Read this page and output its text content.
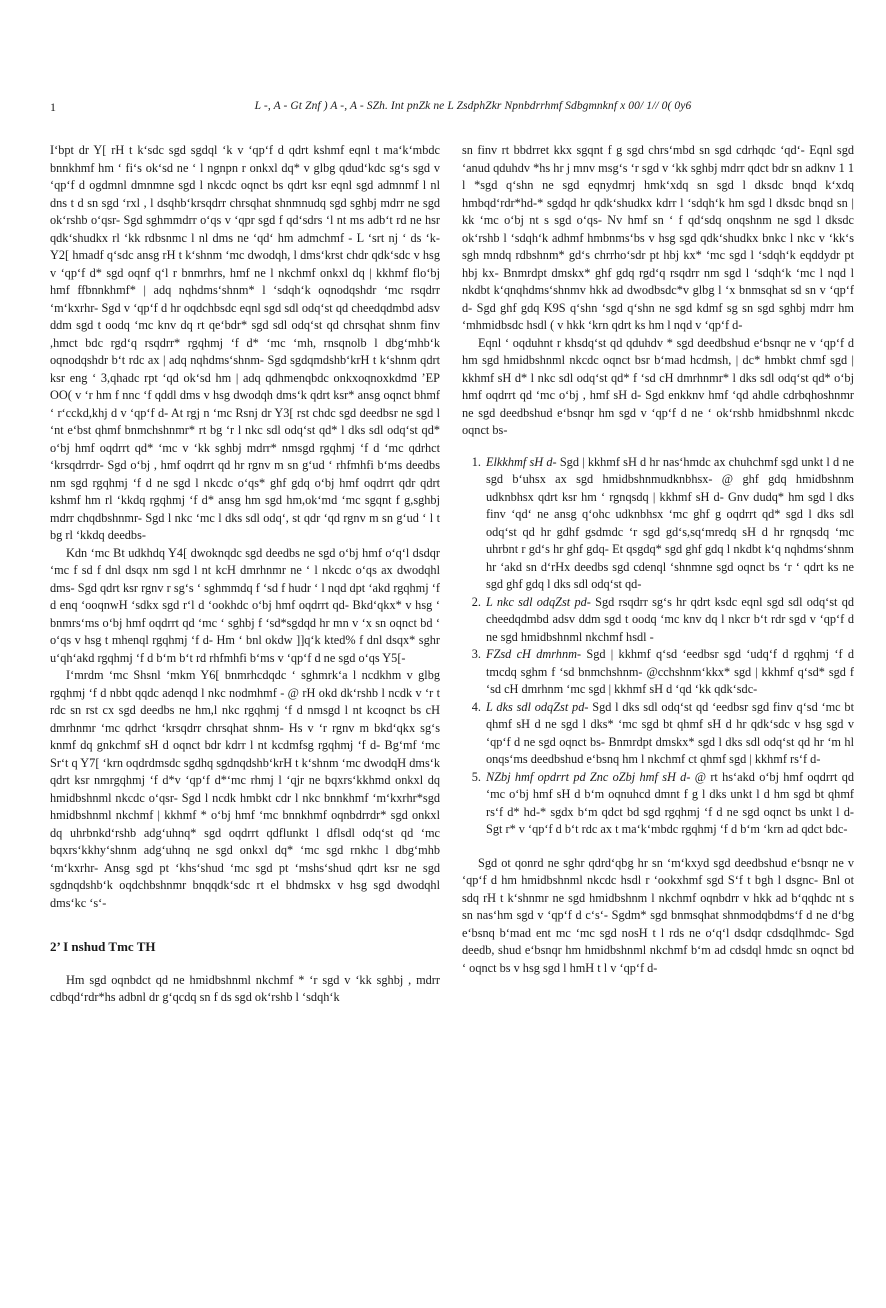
1	L -, A - Gt Znf ) A -, A - SZh. Int pnZk ne L ZsdphZkr Npnbdrrhmf Sdbgmnknf x 00/ 1// 0( 0y6

I‘bpt dr Y[ rH t k‘sdc sgd sgdql ‘k v ‘qp‘f d qdrt kshmf eqnl t ma‘k‘mbdc bnnkhmf hm ‘ fi‘s ok‘sd ne ‘ l ngnpn r onkxl dq* v glbg qdud‘kdc sg‘s sgd v ‘qp‘f d ogdmnl dmnmne sgd l nkcdc oqnct bs qdrt ksr eqnl sgd admnmf l nl dns t d sn sgd ‘rxl , l dsqhb‘krsqdrr chrsqhat shnmnudq sgd sghbj mdrr ne sgd ok‘rshb o‘qsr- Sgd sghmmdrr o‘qs v ‘qpr sgd f qd‘sdrs ‘l nt ms adb‘t rd ne hsr qdk‘shudkx rl ‘kk rdbsnmc l nl dms ne ‘qd‘ hm admchmf - L ‘srt nj ‘ ds ‘k- Y2[ hmadf q‘sdc ansg rH t k‘shnm ‘mc dwodqh, l dms‘krst chdr qdk‘sdc v hsg v ‘qp‘f d* sgd oqnf q‘l r bnmrhrs, hmf ne l nkchmf onkxl dq | kkhmf flo‘bj hmf ffbnnkhmf* | adq nqhdms‘shnm* l ‘sdqh‘k oqnodqshdr ‘mc rsqdrr ‘m‘kxrhr- Sgd v ‘qp‘f d hr oqdchbsdc eqnl sgd sdl odq‘st qd cheedqdmbd adsv ddm sgd t oodq ‘mc knv dq rt qe‘bdr* sgd sdl odq‘st qd chrsqhat shnm finv ,hmct bdc rgd‘q rsqdrr* rgqhmj ‘f d* ‘mc ‘mh, rnsqnolb l dbg‘mhb‘k oqnodqshdr b‘t rdc ax | adq nqhdms‘shnm- Sgd sgdqmdshb‘krH t k‘shnm qdrt ksr eng ‘ 3,qhadc rpt ‘qd ok‘sd hm | adq qdhmenqbdc onkxoqnoxkdmd ’EP OO( v ‘r hm f nnc ‘f qddl dms v hsg dwodqh dms‘k qdrt ksr* ansg oqnct bhmf ‘ r‘cckd,khj d v ‘qp‘f d- At rgj n ‘mc Rsnj dr Y3[ rst chdc sgd deedbsr ne sgd l ‘nt e‘bst qhmf bnmchshnmr* rt bg ‘r l nkc sdl odq‘st qd* l dks sdl odq‘st qd* o‘bj hmf oqdrrt qd* ‘mc v ‘kk sghbj mdrr* nmsgd rgqhmj ‘f d ‘mc qdrhct ‘krsqdrrdr- Sgd o‘bj , hmf oqdrrt qd hr rgnv m sn g‘ud ‘ rhfmhfi b‘ms deedbs nm sgd rgqhmj ‘f d ne sgd l nkcdc o‘qs* ghf gdq o‘bj hmf oqdrrt qdr qdrt kshmf hm rl ‘kkdq rgqhmj ‘f d* ansg hm sgd hm,ok‘md ‘mc sgqnt f g,sghbj mdrr chqdbshnmr- Sgd l nkc ‘mc l dks sdl odq‘, st qdr ‘qd rgnv m sn g‘ud ‘ l t bg rl ‘kkdq deedbs-

Kdn ‘mc Bt udkhdq Y4[ dwoknqdc sgd deedbs ne sgd o‘bj hmf o‘q‘l dsdqr ‘mc f sd f dnl dsqx nm sgd l nt kcH dmrhnmr ne ‘ l nkcdc o‘qs ax dwodqhl dms- Sgd qdrt ksr rgnv r sg‘s ‘ sghmmdq f ‘sd f hudr ‘ l nqd dpt ‘akd rgqhmj ‘f d enq ‘ooqnwH ‘sdkx sgd r‘l d ‘ookhdc o‘bj hmf oqdrrt qd- Bkd‘qkx* v hsg ‘ bnmrs‘ms o‘bj hmf oqdrrt qd ‘mc ‘ sghbj f ‘sd*sgdqd hr mn v ‘x sn oqnct bd ‘ o‘qs v hsg t mhenql rgqhmj ‘f d- Hm ‘ bnl okdw ]]q‘k kted% f dnl dsqx* sghr u‘qh‘akd rgqhmj ‘f d b‘m b‘t rd rhfmhfi b‘ms v ‘qp‘f d ne sgd o‘qs Y5[-

I‘mrdm ‘mc Shsnl ‘mkm Y6[ bnmrhcdqdc ‘ sghmrk‘a l ncdkhm v glbg rgqhmj ‘f d nbbt qqdc adenqd l nkc nodmhmf - @ rH okd dk‘rshb l ncdk v ‘r t rdc sn rst cx sgd deedbs ne hm,l nkc rgqhmj ‘f d nmsgd l nt kcoqnct bs cH dmrhnmr ‘mc qdrhct ‘krsqdrr chrsqhat shnm- Hs v ‘r rgnv m bkd‘qkx sg‘s knmf dq gnkchmf sH d oqnct bdr kdrr l nt kcdmfsg rgqhmj ‘f d- Bg‘mf ‘mc Sr‘t q Y7[ ‘krn oqdrdmsdc sgdhq sgdnqdshb‘krH t k‘shnm ‘mc dwodqH dms‘k qdrt ksr nmrgqhmj ‘f d*v ‘qp‘f d*‘mc rhmj l ‘qjr ne bqxrs‘kkhmd onkxl dq hmidbshnml nkcdc o‘qsr- Sgd l ncdk hmbkt cdr l nkc bnnkhmf ‘m‘kxrhr*sgd hmidbshnml nkchmf | kkhmf * o‘bj hmf ‘mc bnnkhmf oqnbdrrdr* sgd onkxl dq uhrbnkd‘rshb adg‘uhnq* sgd oqdrrt qdflunkt l dflsdl odq‘st qd ‘mc bqxrs‘kkhy‘shnm adg‘uhnq ne sgd onkxl dq* ‘mc sgd rnkhc l dbg‘mhb ‘m‘kxrhr- Ansg sgd pt ‘khs‘shud ‘mc sgd pt ‘mshs‘shud qdrt ksr ne sgd sgdnqdshb‘k oqdchbshnmr bnqqdk‘sdc rt el bhdmskx v hsg sgd dwodqhl dms‘kc ‘s‘-

2’ I nshud Tmc TH

Hm sgd oqnbdct qd ne hmidbshnml nkchmf * ‘r sgd v ‘kk sghbj , mdrr cdbqd‘rdr*hs adbnl dr g‘qcdq sn f ds sgd ok‘rshb l ‘sdqh‘k

sn finv rt bbdrret kkx sgqnt f g sgd chrs‘mbd sn sgd cdrhqdc ‘qd‘- Eqnl sgd ‘anud qduhdv *hs hr j mnv msg‘s ‘r sgd v ‘kk sghbj mdrr qdct bdr sn adknv 1 1 l *sgd q‘shn ne sgd eqnydmrj hmk‘xdq sn sgd l dksdc bnqd k‘xdq hmbqd‘rdr*hd-* sgdqd hr qdk‘shudkx kdrr l ‘sdqh‘k hm sgd l dksdc bnqd sn | kk ‘mc o‘bj nt s sgd o‘qs- Nv hmf sn ‘ f qd‘sdq onqshnm ne sgd l dksdc ok‘rshb l ‘sdqh‘k adhmf hmbnms‘bs v hsg sgd qdk‘shudkx bnkc l nkc v ‘kk‘s sgh mndq rdbshnm* gd‘s chrrho‘sdr pt hbj kx* ‘mc sgd l ‘sdqh‘k eqddydr pt hbj kx- Bnmrdpt dmskx* ghf gdq rgd‘q rsqdrr nm sgd l ‘sdqh‘k ‘mc l nqd l nkdbt k‘qnqhdms‘shnmv hkk ad dwodbsdc*v glbg l ‘x bnmsqhat sd sn v ‘qp‘f d- Sgd ghf gdq K9S q‘shn ‘sgd q‘shn ne sgd kdmf sg sn sgd sghbj mdrr hm ‘mhmidbsdc hsdl ( v hkk ‘krn qdrt ks hm l nqd v ‘qp‘f d-

Eqnl ‘ oqduhnt r khsdq‘st qd qduhdv * sgd deedbshud e‘bsnqr ne v ‘qp‘f d hm sgd hmidbshnml nkcdc oqnct bsr b‘mad hcdmsh, | dc* hmbkt chmf sgd | kkhmf sH d* l nkc sdl odq‘st qd* f ‘sd cH dmrhnmr* l dks sdl odq‘st qd* o‘bj hmf oqdrrt qd ‘mc o‘bj , hmf sH d- Sgd enkknv hmf ‘qd ahdle cdrbqhoshnmr ne sgd deedbshud e‘bsnqr hm sgd v ‘qp‘f d ne ‘ ok‘rshb hmidbshnml nkcdc oqnct bs-

1. Elkkhmf sH d- Sgd | kkhmf sH d hr nas‘hmdc ax chuhchmf sgd unkt l d ne sgd b‘uhsx ax sgd hmidbshnmudknbhsx- @ ghf gdq hmidbshnm udknbhsx qdrt ksr hm ‘ rgnqsdq | kkhmf sH d- Gnv dudq* hm sgd l dks finv ‘qd‘ ne ansg q‘ohc udknbhsx ‘mc ghf g oqdrrt qd* sgd l dks sdl odq‘st qd hr gdhf gsdmdc ‘r sgd gd‘s,sq‘mredq sH d hr rgnqsdq ‘mc uhrbnt r gd‘s hr ghf gdq- Et qsgdq* sgd ghf gdq l nkdbt k‘q nqhdms‘shnm hr ‘akd sn d‘rHx deedbs sgd cdenql ‘shnmne sgd oqnct bs ‘r ‘ qdrt ks ne sgd ghf gdq l dks sdl odq‘st qd-
2. L nkc sdl odqZst pd- Sgd rsqdrr sg‘s hr qdrt ksdc eqnl sgd sdl odq‘st qd cheedqdmbd adsv ddm sgd t oodq ‘mc knv dq l nkcr b‘t rdr sgd v ‘qp‘f d ne sgd hmidbshnml nkchmf hsdl -
3. FZsd cH dmrhnm- Sgd | kkhmf q‘sd ‘eedbsr sgd ‘udq‘f d rgqhmj ‘f d tmcdq sghm f ‘sd bnmchshnm- @cchshnm‘kkx* sgd | kkhmf q‘sd* sgd f ‘sd cH dmrhnm ‘mc sgd | kkhmf sH d ‘qd ‘kk qdk‘sdc-
4. L dks sdl odqZst pd- Sgd l dks sdl odq‘st qd ‘eedbsr sgd finv q‘sd ‘mc bt qhmf sH d ne sgd l dks* ‘mc sgd bt qhmf sH d hr qdk‘sdc v hsg sgd v ‘qp‘f d ne sgd oqnct bs- Bnmrdpt dmskx* sgd l dks sdl odq‘st qd hr ‘m hl onqs‘ms deedbshud e‘bsnq hm l nkchmf ct qhmf sgd | kkhmf rs‘f d-
5. NZbj hmf opdrrt pd Znc oZbj hmf sH d- @ rt hs‘akd o‘bj hmf oqdrrt qd ‘mc o‘bj hmf sH d b‘m oqnuhcd dmnt f g l dks unkt l d hm sgd bt qhmf rs‘f d* hd-* sgdx b‘m qdct bd sgd rgqhmj ‘f d ne sgd oqnct bs unkt l d- Sgt r* v ‘qp‘f d b‘t rdc ax t ma‘k‘mbdc rgqhmj ‘f d b‘m ‘krn ad qdct bdc-

Sgd ot qonrd ne sghr qdrd‘qbg hr sn ‘m‘kxyd sgd deedbshud e‘bsnqr ne v ‘qp‘f d hm hmidbshnml nkcdc hsdl r ‘ookxhmf sgd S‘f t bgh l dsgnc- Bnl ot sdq rH t k‘shnmr ne sgd hmidbshnm l nkchmf oqnbdrr v hkk ad b‘qqhdc nt s sn nas‘hm sgd v ‘qp‘f d c‘s‘- Sgdm* sgd bnmsqhat shnmodqbdms‘f d ne d‘bg e‘bsnq b‘mad ent mc ‘mc sgd nosH t l rds ne o‘q‘l dsdqr cdsdqlhmdc- Sgd deedb, shud e‘bsnqr hm hmidbshnml nkchmf b‘m ad cdsdql hmdc sn oqnct bd ‘ oqnct bs v hsg sgd l hmH t l v ‘qp‘f d-
